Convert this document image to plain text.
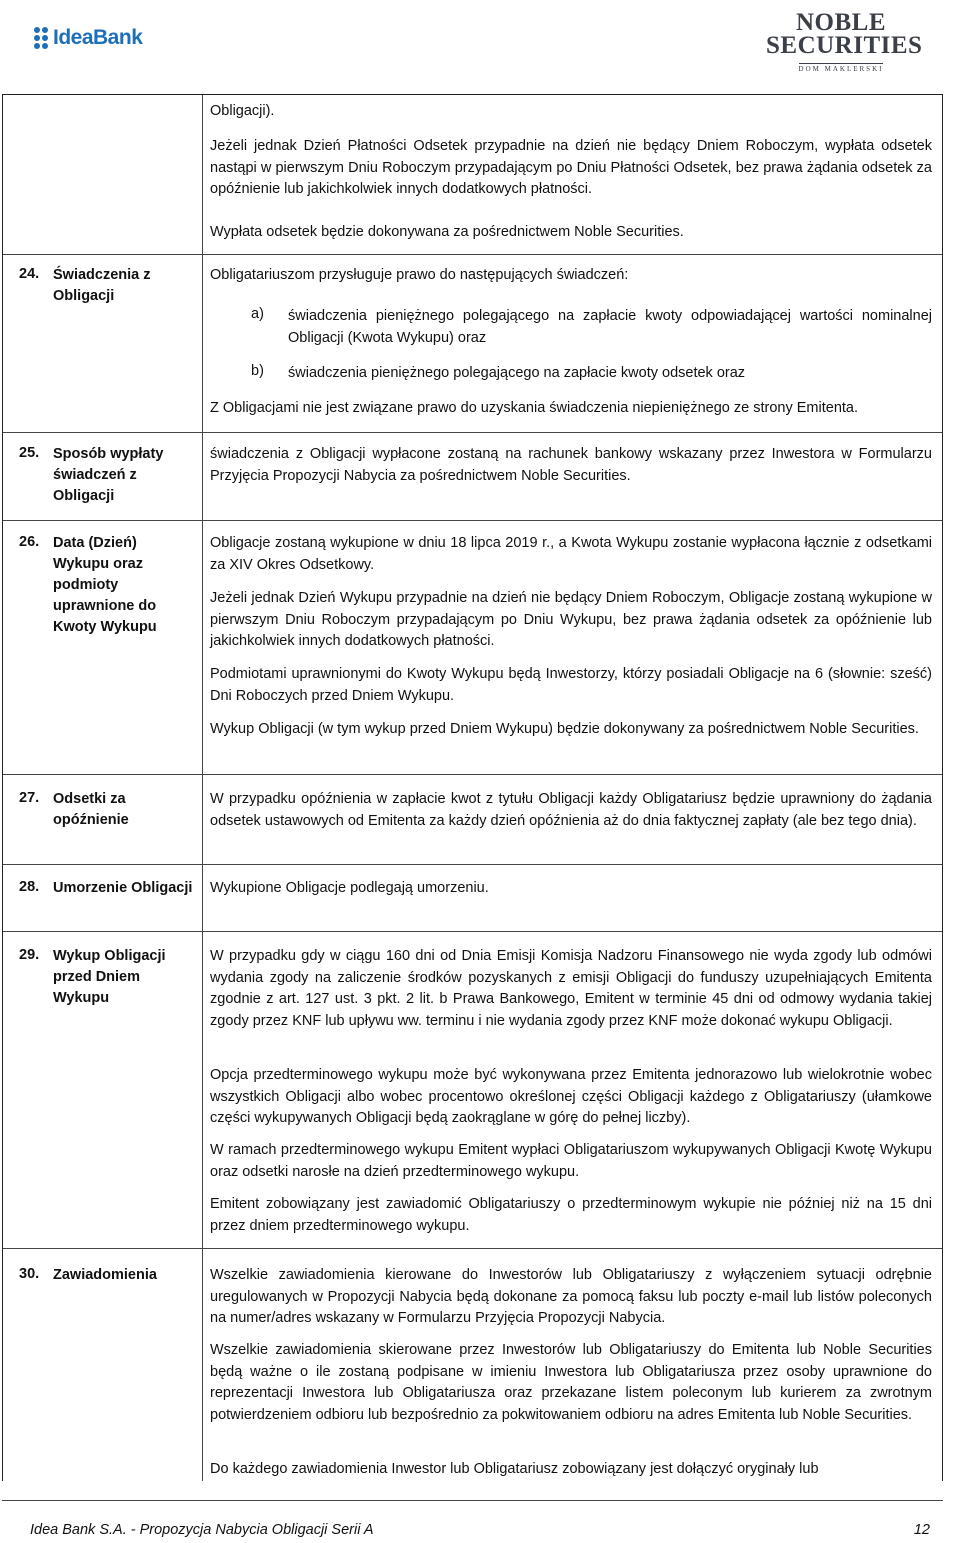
IdeaBank
NOBLE
SECURITIES
DOM MAKLERSKI
Obligacji).
Jeżeli jednak Dzień Płatności Odsetek przypadnie na dzień nie będący Dniem Roboczym, wypłata odsetek nastąpi w pierwszym Dniu Roboczym przypadającym po Dniu Płatności Odsetek, bez prawa żądania odsetek za opóźnienie lub jakichkolwiek innych dodatkowych płatności.
Wypłata odsetek będzie dokonywana za pośrednictwem Noble Securities.
24. Świadczenia z Obligacji
Obligatariuszom przysługuje prawo do następujących świadczeń:
a) świadczenia pieniężnego polegającego na zapłacie kwoty odpowiadającej wartości nominalnej Obligacji (Kwota Wykupu) oraz
b) świadczenia pieniężnego polegającego na zapłacie kwoty odsetek oraz
Z Obligacjami nie jest związane prawo do uzyskania świadczenia niepieniężnego ze strony Emitenta.
25. Sposób wypłaty świadczeń z Obligacji
świadczenia z Obligacji wypłacone zostaną na rachunek bankowy wskazany przez Inwestora w Formularzu Przyjęcia Propozycji Nabycia za pośrednictwem Noble Securities.
26. Data (Dzień) Wykupu oraz podmioty uprawnione do Kwoty Wykupu
Obligacje zostaną wykupione w dniu 18 lipca 2019 r., a Kwota Wykupu zostanie wypłacona łącznie z odsetkami za XIV Okres Odsetkowy.
Jeżeli jednak Dzień Wykupu przypadnie na dzień nie będący Dniem Roboczym, Obligacje zostaną wykupione w pierwszym Dniu Roboczym przypadającym po Dniu Wykupu, bez prawa żądania odsetek za opóźnienie lub jakichkolwiek innych dodatkowych płatności.
Podmiotami uprawnionymi do Kwoty Wykupu będą Inwestorzy, którzy posiadali Obligacje na 6 (słownie: sześć) Dni Roboczych przed Dniem Wykupu.
Wykup Obligacji (w tym wykup przed Dniem Wykupu) będzie dokonywany za pośrednictwem Noble Securities.
27. Odsetki za opóźnienie
W przypadku opóźnienia w zapłacie kwot z tytułu Obligacji każdy Obligatariusz będzie uprawniony do żądania odsetek ustawowych od Emitenta za każdy dzień opóźnienia aż do dnia faktycznej zapłaty (ale bez tego dnia).
28. Umorzenie Obligacji Wykupione Obligacje podlegają umorzeniu.
29. Wykup Obligacji przed Dniem Wykupu
W przypadku gdy w ciągu 160 dni od Dnia Emisji Komisja Nadzoru Finansowego nie wyda zgody lub odmówi wydania zgody na zaliczenie środków pozyskanych z emisji Obligacji do funduszy uzupełniających Emitenta zgodnie z art. 127 ust. 3 pkt. 2 lit. b Prawa Bankowego, Emitent w terminie 45 dni od odmowy wydania takiej zgody przez KNF lub upływu ww. terminu i nie wydania zgody przez KNF może dokonać wykupu Obligacji.
Opcja przedterminowego wykupu może być wykonywana przez Emitenta jednorazowo lub wielokrotnie wobec wszystkich Obligacji albo wobec procentowo określonej części Obligacji każdego z Obligatariuszy (ułamkowe części wykupywanych Obligacji będą zaokrąglane w górę do pełnej liczby).
W ramach przedterminowego wykupu Emitent wypłaci Obligatariuszom wykupywanych Obligacji Kwotę Wykupu oraz odsetki narosłe na dzień przedterminowego wykupu.
Emitent zobowiązany jest zawiadomić Obligatariuszy o przedterminowym wykupie nie później niż na 15 dni przez dniem przedterminowego wykupu.
30. Zawiadomienia	Wszelkie zawiadomienia kierowane do Inwestorów lub Obligatariuszy z wyłączeniem sytuacji odrębnie uregulowanych w Propozycji Nabycia będą dokonane za pomocą faksu lub poczty e-mail lub listów poleconych na numer/adres wskazany w Formularzu Przyjęcia Propozycji Nabycia.
Wszelkie zawiadomienia skierowane przez Inwestorów lub Obligatariuszy do Emitenta lub Noble Securities będą ważne o ile zostaną podpisane w imieniu Inwestora lub Obligatariusza przez osoby uprawnione do reprezentacji Inwestora lub Obligatariusza oraz przekazane listem poleconym lub kurierem za zwrotnym potwierdzeniem odbioru lub bezpośrednio za pokwitowaniem odbioru na adres Emitenta lub Noble Securities.
Do każdego zawiadomienia Inwestor lub Obligatariusz zobowiązany jest dołączyć oryginały lub
Idea Bank S.A. - Propozycja Nabycia Obligacji Serii A	12
